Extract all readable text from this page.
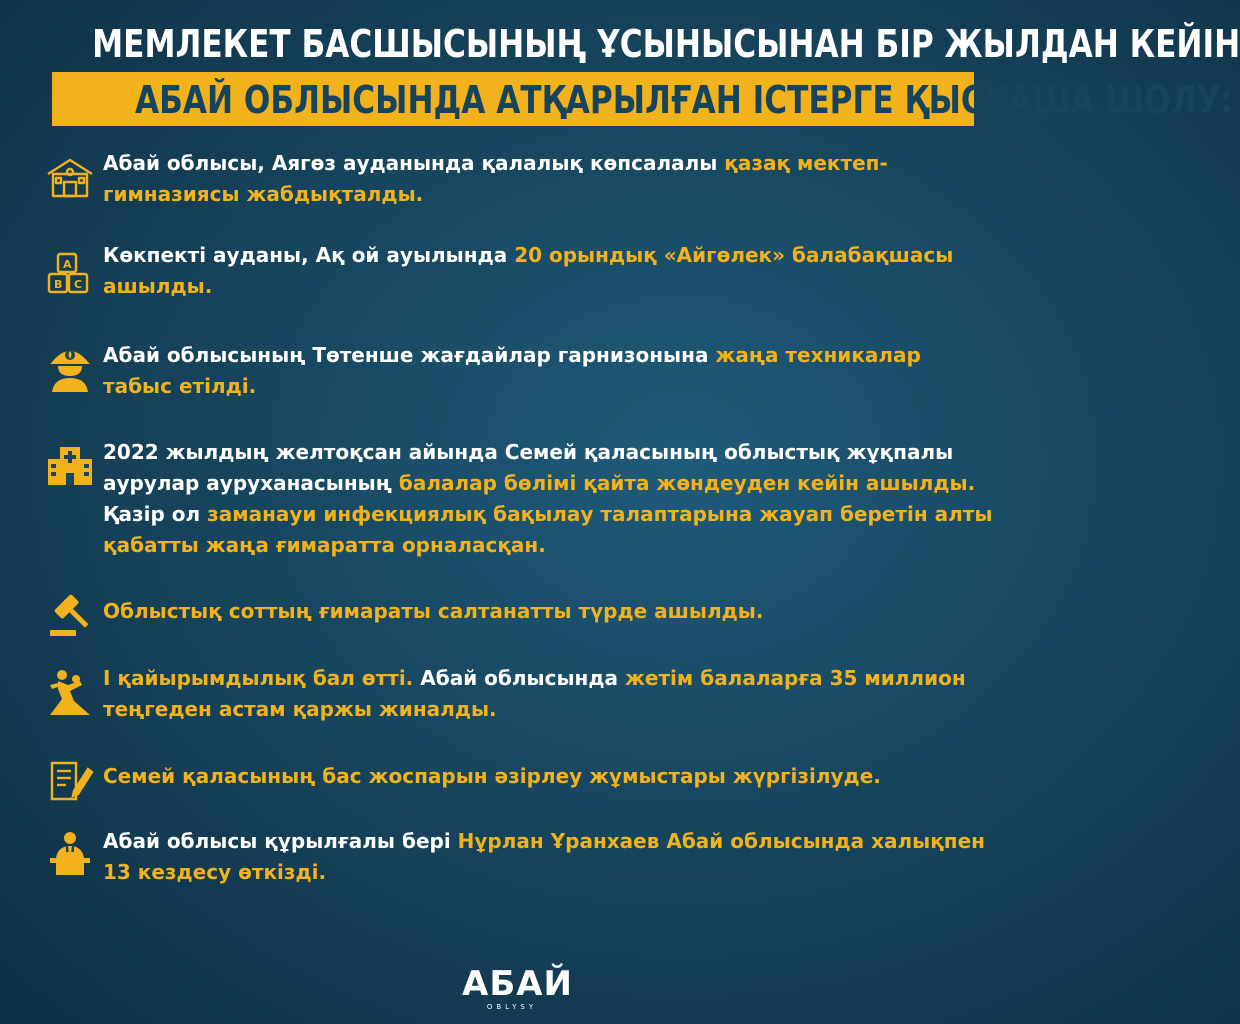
МЕМЛЕКЕТ БАСШЫСЫНЫҢ ҰСЫНЫСЫНАН БІР ЖЫЛДАН КЕЙІН
АБАЙ ОБЛЫСЫНДА АТҚАРЫЛҒАН ІСТЕРГЕ ҚЫСҚАША ШОЛУ:
Абай облысы, Аягөз ауданында қалалық көпсалалы қазақ мектеп-гимназиясы жабдықталды.
A
B C
Көкпекті ауданы, Ақ ой ауылында 20 орындық «Айгөлек» балабақшасы ашылды.
Абай облысының Төтенше жағдайлар гарнизонына жаңа техникалар табыс етілді.
2022 жылдың желтоқсан айында Семей қаласының облыстық жұқпалы аурулар ауруханасының балалар бөлімі қайта жөндеуден кейін ашылды. Қазір ол заманауи инфекциялық бақылау талаптарына жауап беретін алты қабатты жаңа ғимаратта орналасқан.
Облыстық соттың ғимараты салтанатты түрде ашылды.
I қайырымдылық бал өтті. Абай облысында жетім балаларға 35 миллион теңгеден астам қаржы жиналды.
Семей қаласының бас жоспарын әзірлеу жұмыстары жүргізілуде.
Абай облысы құрылғалы бері Нұрлан Ұранхаев Абай облысында халықпен 13 кездесу өткізді.
AБAЙ
OBLYSY
